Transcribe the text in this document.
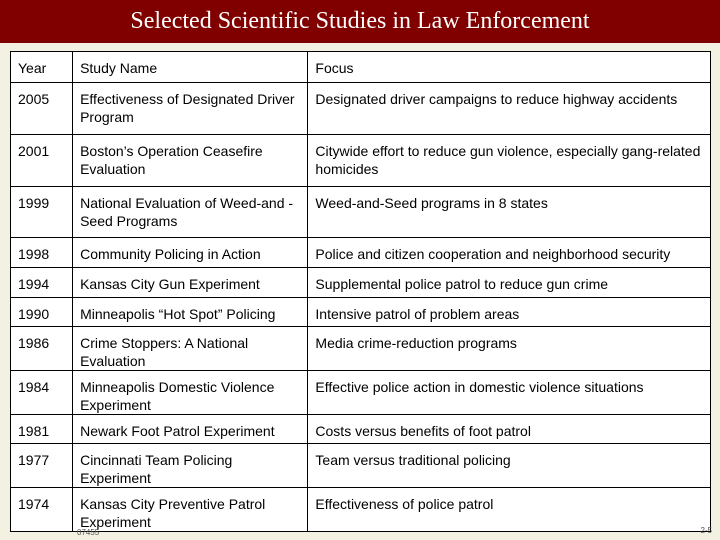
Selected Scientific Studies in Law Enforcement
Year	Study Name	Focus
2005	Effectiveness of Designated Driver Program	Designated driver campaigns to reduce highway accidents
2001	Boston’s Operation Ceasefire Evaluation	Citywide effort to reduce gun violence, especially gang-related homicides
1999	National Evaluation of Weed-and -Seed Programs	Weed-and-Seed programs in 8 states
1998	Community Policing in Action	Police and citizen cooperation and neighborhood security
1994	Kansas City Gun Experiment	Supplemental police patrol to reduce gun crime
1990	Minneapolis “Hot Spot” Policing	Intensive patrol of problem areas
1986	Crime Stoppers: A National Evaluation	Media crime-reduction programs
1984	Minneapolis Domestic Violence Experiment	Effective police action in domestic violence situations
1981	Newark Foot Patrol Experiment	Costs versus benefits of foot patrol
1977	Cincinnati Team Policing Experiment	Team versus traditional policing
1974	Kansas City Preventive Patrol Experiment	Effectiveness of police patrol
07455	2-5
